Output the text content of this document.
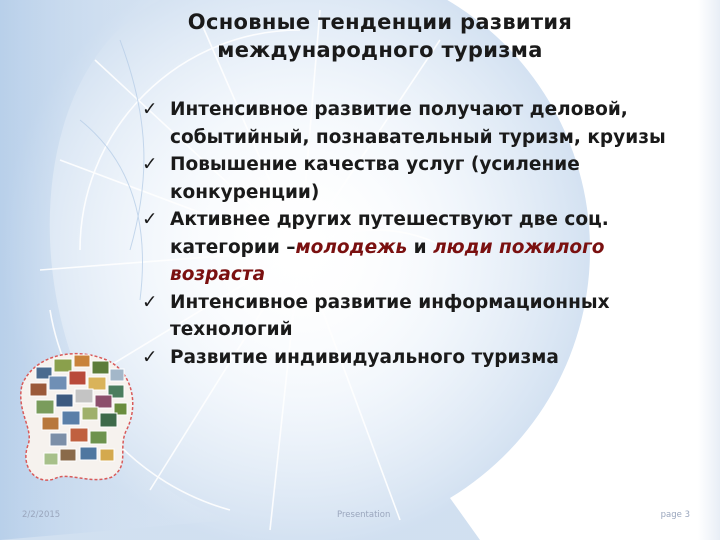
Основные тенденции развития
международного туризма
✓ Интенсивное развитие получают деловой, событийный, познавательный туризм, круизы
✓ Повышение качества услуг (усиление конкуренции)
✓ Активнее других путешествуют две соц. категории –молодежь и люди пожилого возраста
✓ Интенсивное развитие информационных технологий
✓ Развитие индивидуального туризма
2/2/2015	Presentation	page 3
